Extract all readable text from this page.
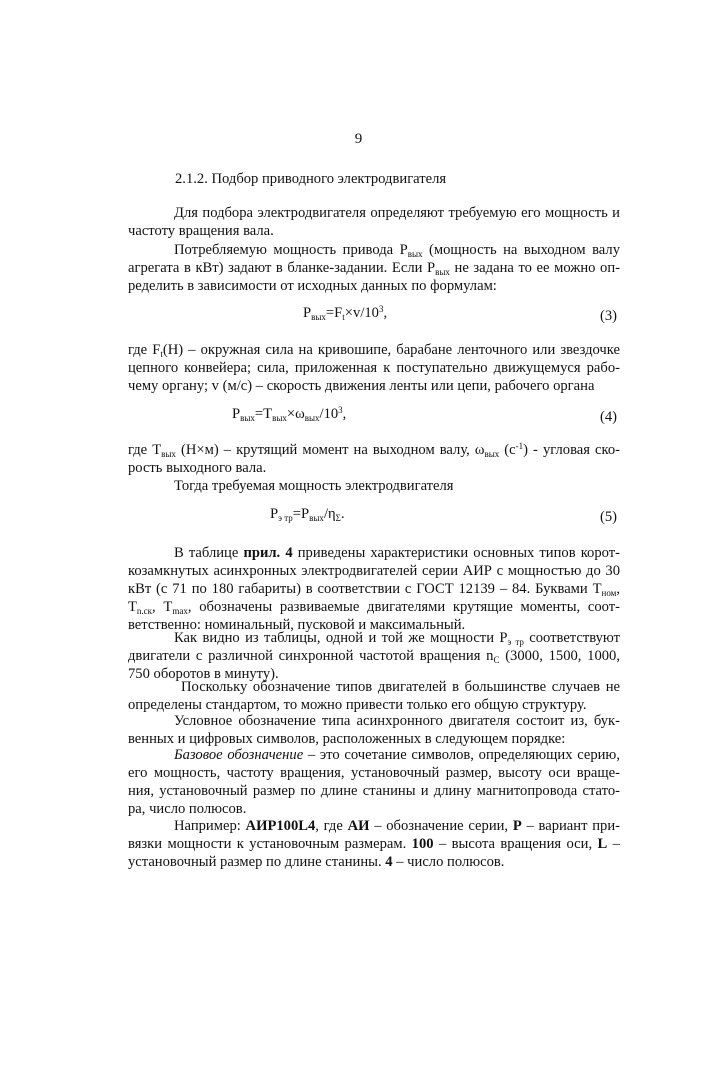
9
2.1.2. Подбор приводного электродвигателя
Для подбора электродвигателя определяют требуемую его мощность и
частоту вращения вала.
Потребляемую мощность привода $P_{вых}$ (мощность на выходном валу
агрегата в кВт) задают в бланке-задании. Если $P_{вых}$ не задана то ее можно оп-
ределить в зависимости от исходных данных по формулам:
$P_{вых}=F_t\times v/10^3$,	(3)
где $F_t(H)$ – окружная сила на кривошипе, барабане ленточного или звездочке
цепного конвейера; сила, приложенная к поступательно движущемуся рабо-
чему органу; v (м/с) – скорость движения ленты или цепи, рабочего органа
$P_{вых}=T_{вых}\times\omega_{вых}/10^3$,	(4)
где $T_{вых}$ (H×м) – крутящий момент на выходном валу, $\omega_{вых}$ $(c^{-1})$ - угловая ско-
рость выходного вала.
Тогда требуемая мощность электродвигателя
$P_{э тр}=P_{вых}/\eta_\Sigma$.	(5)
В таблице прил. 4 приведены характеристики основных типов корот-
козамкнутых асинхронных электродвигателей серии АИР с мощностью до 30
кВт (с 71 по 180 габариты) в соответствии с ГОСТ 12139 – 84. Буквами $T_{ном}$,
$T_{n.cк}$, $T_{max}$, обозначены развиваемые двигателями крутящие моменты, соот-
ветственно: номинальный, пусковой и максимальный.
Как видно из таблицы, одной и той же мощности $P_{э тр}$ соответствуют
двигатели с различной синхронной частотой вращения $n_C$ (3000, 1500, 1000,
750 оборотов в минуту).
Поскольку обозначение типов двигателей в большинстве случаев не
определены стандартом, то можно привести только его общую структуру.
Условное обозначение типа асинхронного двигателя состоит из, бук-
венных и цифровых символов, расположенных в следующем порядке:
Базовое обозначение – это сочетание символов, определяющих серию,
его мощность, частоту вращения, установочный размер, высоту оси враще-
ния, установочный размер по длине станины и длину магнитопровода стато-
ра, число полюсов.
Например: АИР100L4, где АИ – обозначение серии, Р – вариант при-
вязки мощности к установочным размерам. 100 – высота вращения оси, L –
установочный размер по длине станины. 4 – число полюсов.
